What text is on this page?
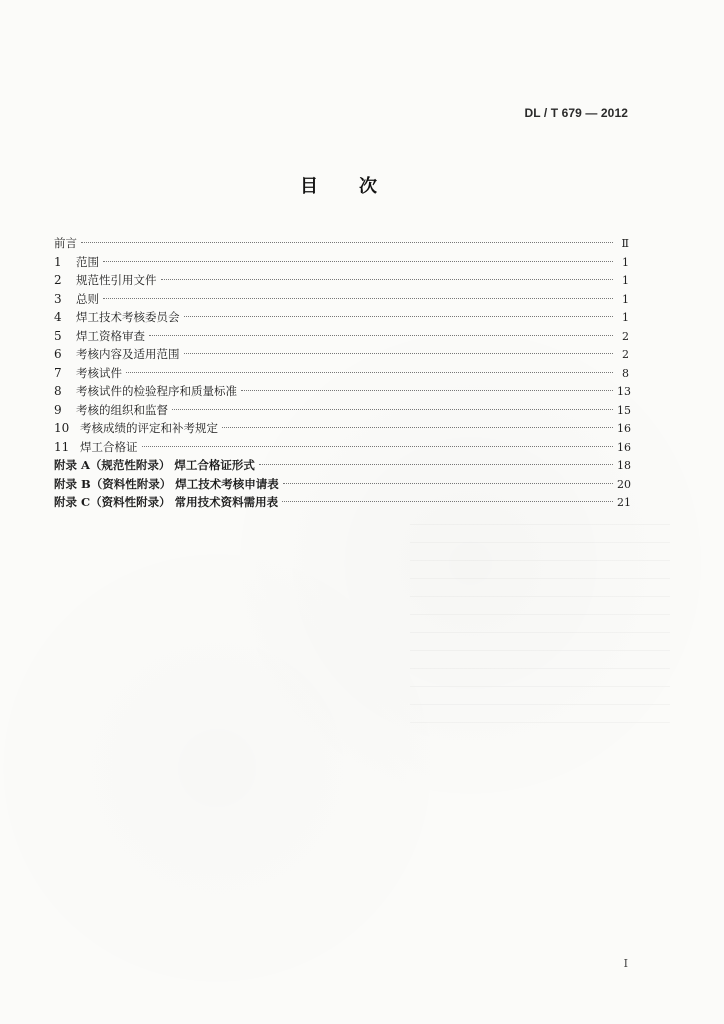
DL / T 679 — 2012
目 次
前言	Ⅱ
1	范围	1
2	规范性引用文件	1
3	总则	1
4	焊工技术考核委员会	1
5	焊工资格审查	2
6	考核内容及适用范围	2
7	考核试件	8
8	考核试件的检验程序和质量标准	13
9	考核的组织和监督	15
10 考核成绩的评定和补考规定	16
11 焊工合格证	16
附录 A（规范性附录） 焊工合格证形式	18
附录 B（资料性附录） 焊工技术考核申请表	20
附录 C（资料性附录） 常用技术资料需用表	21
I
